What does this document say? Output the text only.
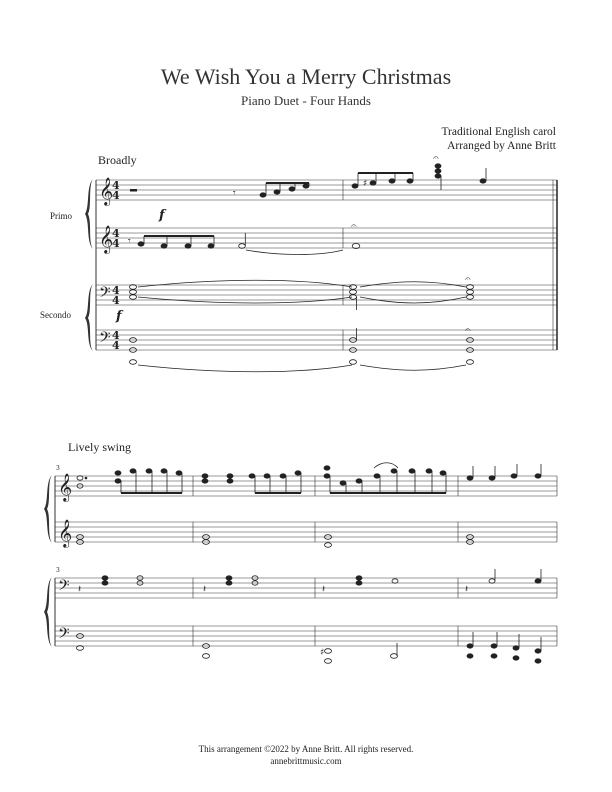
We Wish You a Merry Christmas
Piano Duet - Four Hands
Traditional English carol
Arranged by Anne Britt
Broadly
Lively swing
Primo
Secondo
𝄞
𝄞
𝄢
𝄢
4
4
4
4
4
4
4
4
f
f
𝄾
♯
𝄐
𝄾
𝄐
𝄐
𝄐
3
3
𝄞
𝄞
𝄢
𝄢
𝄽	𝄽	𝄽	𝄽
♯
This arrangement ©2022 by Anne Britt. All rights reserved.
annebrittmusic.com
